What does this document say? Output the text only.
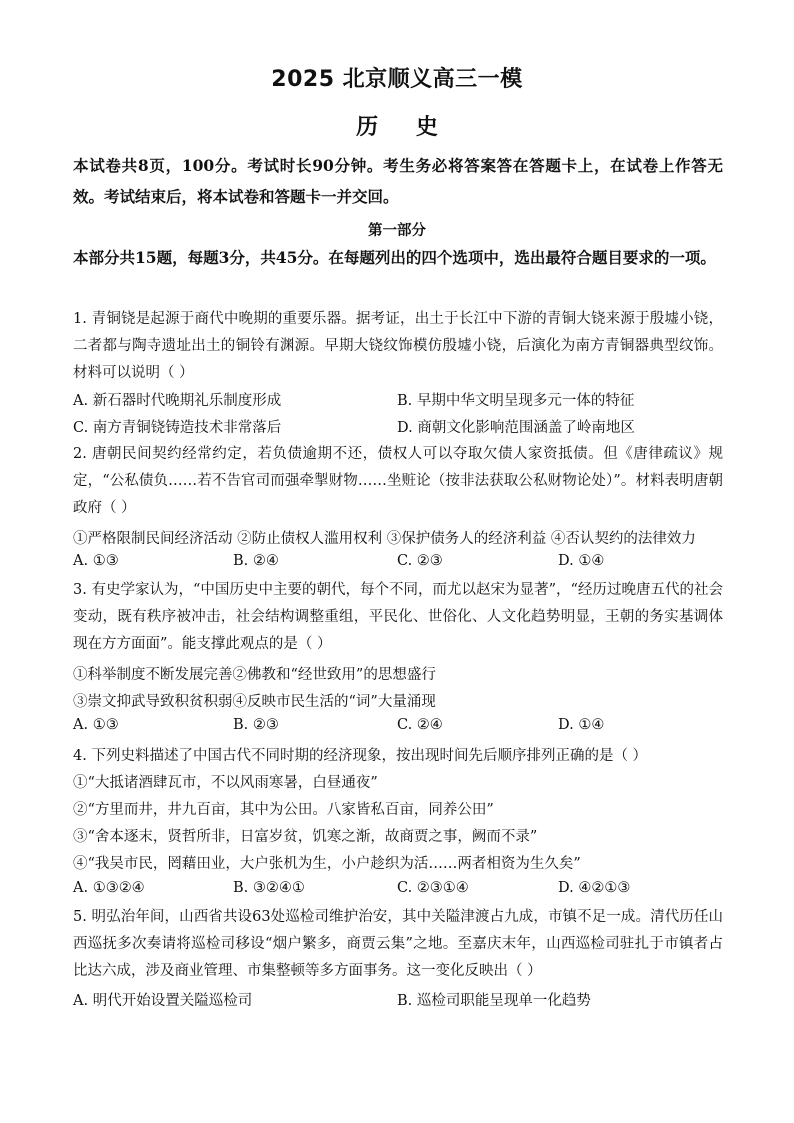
2025 北京顺义高三一模
历 史
本试卷共8页，100分。考试时长90分钟。考生务必将答案答在答题卡上，在试卷上作答无效。考试结束后，将本试卷和答题卡一并交回。
第一部分
本部分共15题，每题3分，共45分。在每题列出的四个选项中，选出最符合题目要求的一项。
1. 青铜铙是起源于商代中晚期的重要乐器。据考证，出土于长江中下游的青铜大铙来源于殷墟小铙，二者都与陶寺遗址出土的铜铃有渊源。早期大铙纹饰模仿殷墟小铙，后演化为南方青铜器典型纹饰。材料可以说明（ ）
A. 新石器时代晚期礼乐制度形成	B. 早期中华文明呈现多元一体的特征
C. 南方青铜铙铸造技术非常落后	D. 商朝文化影响范围涵盖了岭南地区
2. 唐朝民间契约经常约定，若负债逾期不还，债权人可以夺取欠债人家资抵债。但《唐律疏议》规定，“公私债负……若不告官司而强牵掣财物……坐赃论（按非法获取公私财物论处）”。材料表明唐朝政府（ ）
①严格限制民间经济活动 ②防止债权人滥用权利 ③保护债务人的经济利益 ④否认契约的法律效力
A. ①③	B. ②④	C. ②③	D. ①④
3. 有史学家认为，“中国历史中主要的朝代，每个不同，而尤以赵宋为显著”，“经历过晚唐五代的社会变动，既有秩序被冲击，社会结构调整重组，平民化、世俗化、人文化趋势明显，王朝的务实基调体现在方方面面”。能支撑此观点的是（ ）
①科举制度不断发展完善②佛教和“经世致用”的思想盛行
③崇文抑武导致积贫积弱④反映市民生活的“词”大量涌现
A. ①③	B. ②③	C. ②④	D. ①④
4. 下列史料描述了中国古代不同时期的经济现象，按出现时间先后顺序排列正确的是（ ）
①“大抵诸酒肆瓦市，不以风雨寒暑，白昼通夜”
②“方里而井，井九百亩，其中为公田。八家皆私百亩，同养公田”
③“舍本逐末，贤哲所非，日富岁贫，饥寒之渐，故商贾之事，阙而不录”
④“我吴市民，罔藉田业，大户张机为生，小户趁织为活……两者相资为生久矣”
A. ①③②④	B. ③②④①	C. ②③①④	D. ④②①③
5. 明弘治年间，山西省共设63处巡检司维护治安，其中关隘津渡占九成，市镇不足一成。清代历任山西巡抚多次奏请将巡检司移设“烟户繁多，商贾云集”之地。至嘉庆末年，山西巡检司驻扎于市镇者占比达六成，涉及商业管理、市集整顿等多方面事务。这一变化反映出（ ）
A. 明代开始设置关隘巡检司	B. 巡检司职能呈现单一化趋势
